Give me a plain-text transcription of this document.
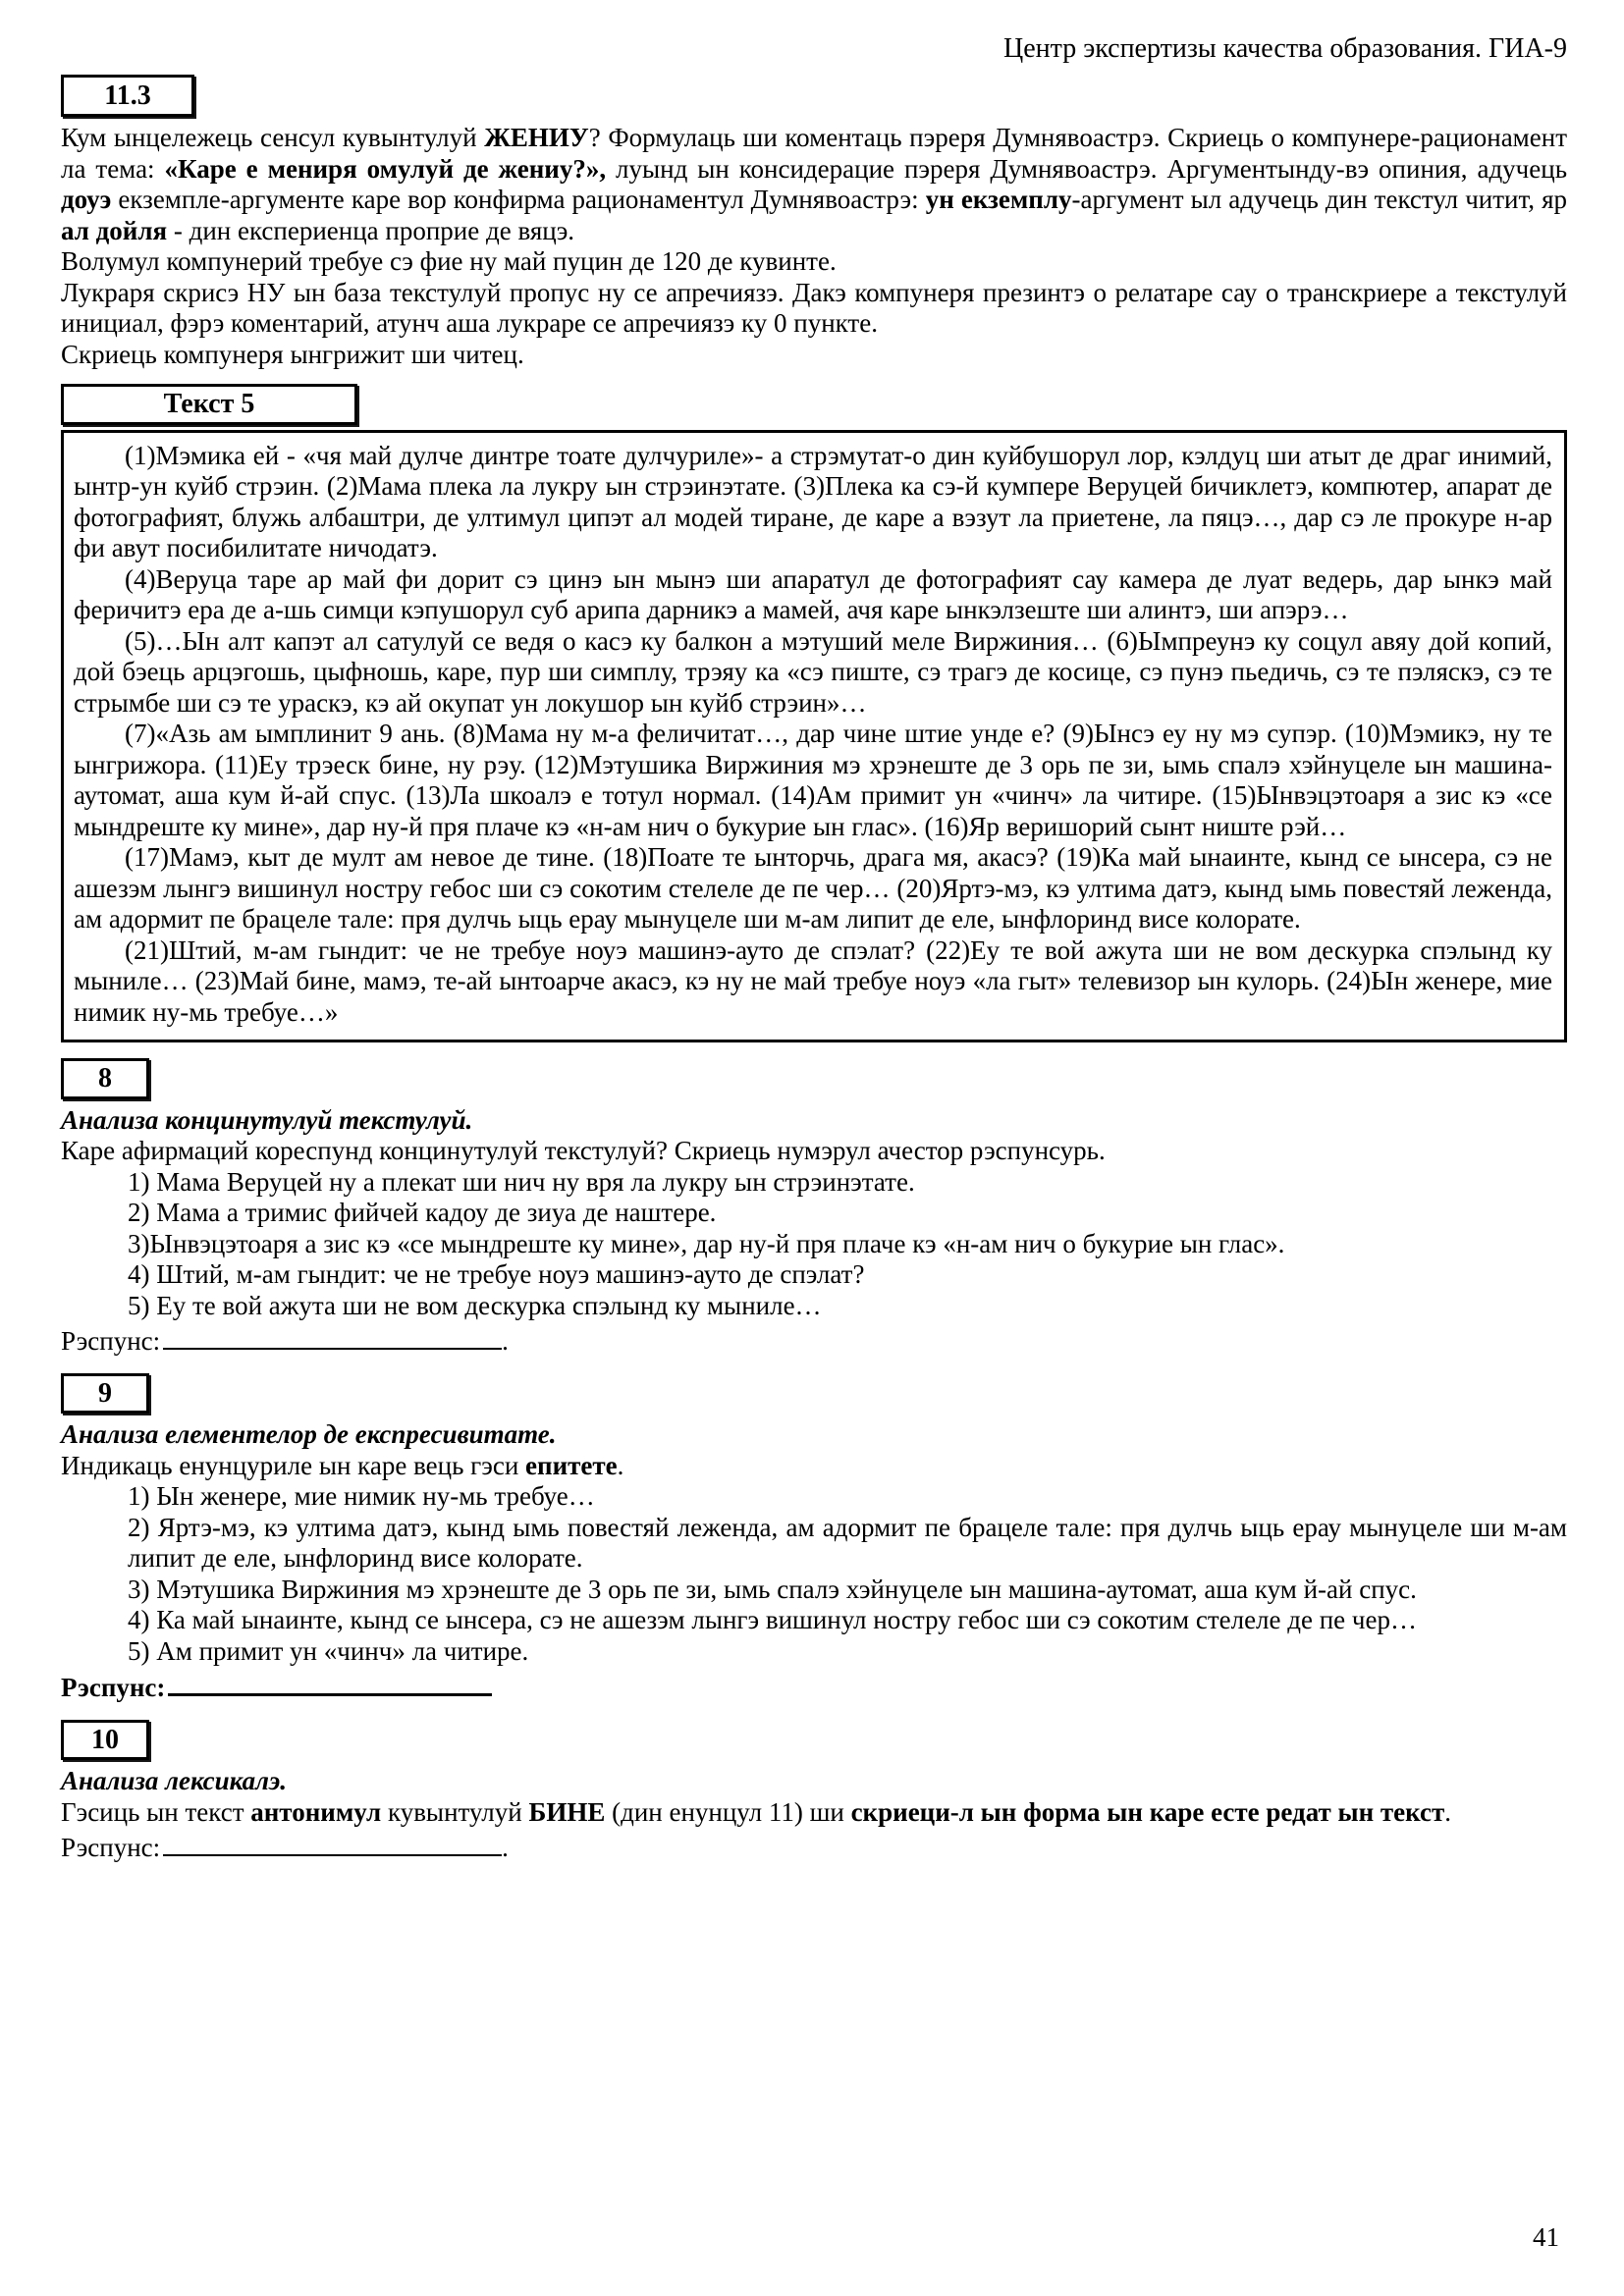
Центр экспертизы качества образования. ГИА-9
11.3

Кум ынцележець сенсул кувынтулуй ЖЕНИУ? Формулаць ши коментаць пэреря Думнявоастрэ. Скриець о компунере-рационамент ла тема: «Каре е мениря омулуй де жениу?», луынд ын консидерацие пэреря Думнявоастрэ. Аргументынду-вэ опиния, адучець доуэ екземпле-аргументе каре вор конфирма рационаментул Думнявоастрэ: ун екземплу-аргумент ыл адучець дин текстул читит, яр ал дойля - дин експериенца проприе де вяцэ.

Волумул компунерий требуе сэ фие ну май пуцин де 120 де кувинте.

Лукраря скрисэ НУ ын база текстулуй пропус ну се апречиязэ. Дакэ компунеря презинтэ о релатаре сау о транскриере а текстулуй инициал, фэрэ коментарий, атунч аша лукраре се апречиязэ ку 0 пункте.

Скриець компунеря ынгрижит ши читец.

Текст 5

(1)Мэмика ей - «чя май дулче динтре тоате дулчуриле»- а стрэмутат-о дин куйбушорул лор, кэлдуц ши атыт де драг инимий, ынтр-ун куйб стрэин. (2)Мама плека ла лукру ын стрэинэтате. (3)Плека ка сэ-й кумпере Веруцей бичиклетэ, компютер, апарат де фотографият, блужь албаштри, де ултимул ципэт ал модей тиране, де каре а вэзут ла приетене, ла пяцэ…, дар сэ ле прокуре н-ар фи авут посибилитате ничодатэ.

(4)Веруца таре ар май фи дорит сэ цинэ ын мынэ ши апаратул де фотографият сау камера де луат ведерь, дар ынкэ май феричитэ ера де а-шь симци кэпушорул суб арипа дарникэ а мамей, ачя каре ынкэлзеште ши алинтэ, ши апэрэ…

(5)…Ын алт капэт ал сатулуй се ведя о касэ ку балкон а мэтуший меле Виржиния… (6)Ымпреунэ ку соцул авяу дой копий, дой бэець арцэгошь, цыфношь, каре, пур ши симплу, трэяу ка «сэ пиште, сэ трагэ де косице, сэ пунэ пьедичь, сэ те пэляскэ, сэ те стрымбе ши сэ те ураскэ, кэ ай окупат ун локушор ын куйб стрэин»…

(7)«Азь ам ымплинит 9 ань. (8)Мама ну м-а феличитат…, дар чине штие унде е? (9)Ынсэ еу ну мэ супэр. (10)Мэмикэ, ну те ынгрижора. (11)Еу трэеск бине, ну рэу. (12)Мэтушика Виржиния мэ хрэнеште де 3 орь пе зи, ымь спалэ хэйнуцеле ын машина-аутомат, аша кум й-ай спус. (13)Ла шкоалэ е тотул нормал. (14)Ам примит ун «чинч» ла читире. (15)Ынвэцэтоаря а зис кэ «се мындреште ку мине», дар ну-й пря плаче кэ «н-ам нич о букурие ын глас». (16)Яр веришорий сынт ниште рэй…

(17)Мамэ, кыт де мулт ам невое де тине. (18)Поате те ынторчь, драга мя, акасэ? (19)Ка май ынаинте, кынд се ынсера, сэ не ашезэм лынгэ вишинул ностру гебос ши сэ сокотим стелеле де пе чер… (20)Яртэ-мэ, кэ ултима датэ, кынд ымь повестяй леженда, ам адормит пе брацеле тале: пря дулчь ыць ерау мынуцеле ши м-ам липит де еле, ынфлоринд висе колорате.

(21)Штий, м-ам гындит: че не требуе ноуэ машинэ-ауто де спэлат? (22)Еу те вой ажута ши не вом дескурка спэлынд ку мыниле… (23)Май бине, мамэ, те-ай ынтоарче акасэ, кэ ну не май требуе ноуэ «ла гыт» телевизор ын кулорь. (24)Ын женере, мие нимик ну-мь требуе…»

8

Анализа концинутулуй текстулуй.

Каре афирмаций кореспунд концинутулуй текстулуй? Скриець нумэрул ачестор рэспунсурь.

1) Мама Веруцей ну а плекат ши нич ну вря ла лукру ын стрэинэтате.

2) Мама а тримис фийчей кадоу де зиуа де наштере.

3)Ынвэцэтоаря а зис кэ «се мындреште ку мине», дар ну-й пря плаче кэ «н-ам нич о букурие ын глас».

4) Штий, м-ам гындит: че не требуе ноуэ машинэ-ауто де спэлат?

5) Еу те вой ажута ши не вом дескурка спэлынд ку мыниле…

Рэспунс:	.

9

Анализа елементелор де експресивитате.

Индикаць енунцуриле ын каре вець гэси епитете.

1) Ын женере, мие нимик ну-мь требуе…

2) Яртэ-мэ, кэ ултима датэ, кынд ымь повестяй леженда, ам адормит пе брацеле тале: пря дулчь ыць ерау мынуцеле ши м-ам липит де еле, ынфлоринд висе колорате.

3) Мэтушика Виржиния мэ хрэнеште де 3 орь пе зи, ымь спалэ хэйнуцеле ын машина-аутомат, аша кум й-ай спус.

4) Ка май ынаинте, кынд се ынсера, сэ не ашезэм лынгэ вишинул ностру гебос ши сэ сокотим стелеле де пе чер…

5) Ам примит ун «чинч» ла читире.

Рэспунс:

10

Анализа лексикалэ.

Гэсиць ын текст антонимул кувынтулуй БИНЕ (дин енунцул 11) ши скриеци-л ын форма ын каре есте редат ын текст.

Рэспунс:	.

41
